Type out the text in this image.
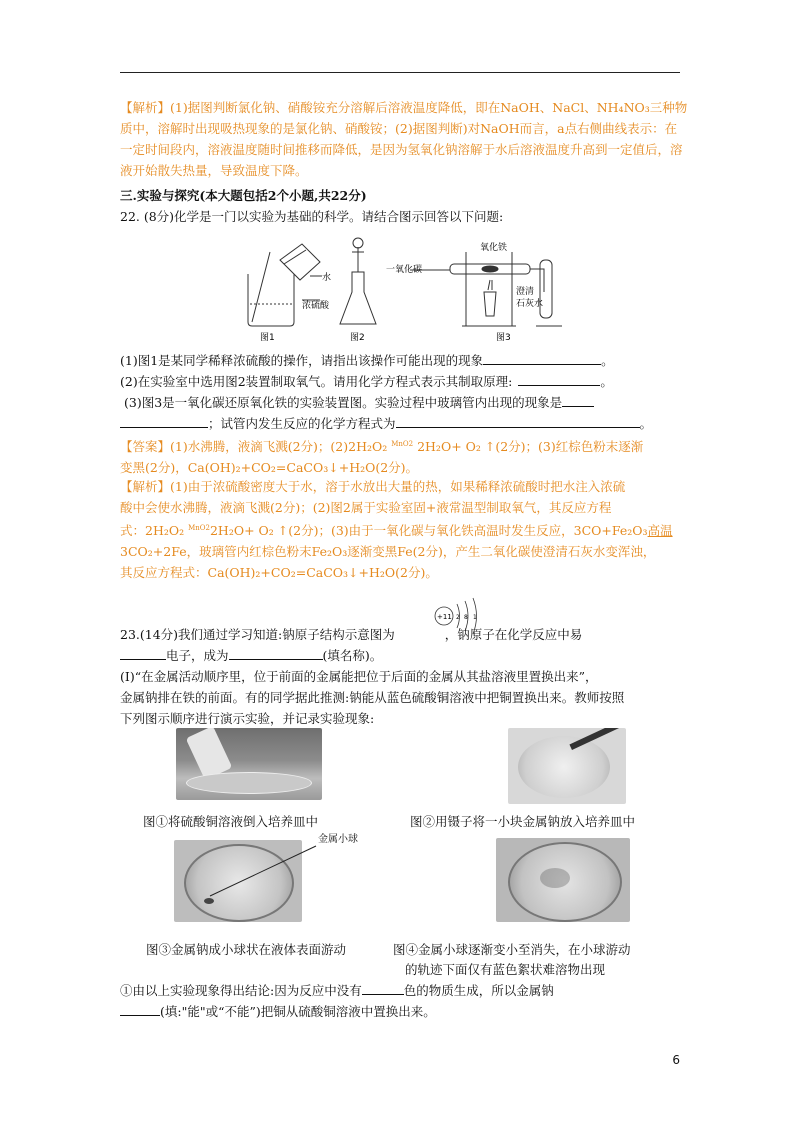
【解析】(1)据图判断氯化钠、硝酸铵充分溶解后溶液温度降低，即在NaOH、NaCl、NH₄NO₃三种物质中，溶解时出现吸热现象的是氯化钠、硝酸铵；(2)据图判断)对NaOH而言，a点右侧曲线表示：在一定时间段内，溶液温度随时间推移而降低，是因为氢氧化钠溶解于水后溶液温度升高到一定值后，溶液开始散失热量，导致温度下降。
三.实验与探究(本大题包括2个小题,共22分)
22. (8分)化学是一门以实验为基础的科学。请结合图示回答以下问题:
水
浓硫酸
一氧化碳
氧化铁
澄清
石灰水
图1	图2	图3
(1)图1是某同学稀释浓硫酸的操作，请指出该操作可能出现的现象	。
(2)在实验室中选用图2装置制取氧气。请用化学方程式表示其制取原理:	。
(3)图3是一氧化碳还原氧化铁的实验装置图。实验过程中玻璃管内出现的现象是
；试管内发生反应的化学方程式为	。
【答案】(1)水沸腾，液滴飞溅(2分)；(2)2H₂O₂ $^{MnO2}$ 2H₂O+ O₂ ↑(2分)；(3)红棕色粉末逐渐
变黑(2分)，Ca(OH)₂+CO₂=CaCO₃↓+H₂O(2分)。
【解析】(1)由于浓硫酸密度大于水，溶于水放出大量的热，如果稀释浓硫酸时把水注入浓硫
酸中会使水沸腾，液滴飞溅(2分)；(2)图2属于实验室固+液常温型制取氧气，其反应方程
式：2H₂O₂ $^{MnO2}$2H₂O+ O₂ ↑(2分)；(3)由于一氧化碳与氧化铁高温时发生反应，3CO+Fe₂O₃高温
3CO₂+2Fe，玻璃管内红棕色粉末Fe₂O₃逐渐变黑Fe(2分)，产生二氧化碳使澄清石灰水变浑浊，
其反应方程式：Ca(OH)₂+CO₂=CaCO₃↓+H₂O(2分)。
23.(14分)我们通过学习知道:钠原子结构示意图为	，钠原子在化学反应中易
+11 2 8 1
电子，成为	(填名称)。
(Ⅰ)“在金属活动顺序里，位于前面的金属能把位于后面的金属从其盐溶液里置换出来”，
金属钠排在铁的前面。有的同学据此推测:钠能从蓝色硫酸铜溶液中把铜置换出来。教师按照
下列图示顺序进行演示实验，并记录实验现象:
图①将硫酸铜溶液倒入培养皿中	图②用镊子将一小块金属钠放入培养皿中
金属小球
图③金属钠成小球状在液体表面游动	图④金属小球逐渐变小至消失，在小球游动
的轨迹下面仅有蓝色絮状难溶物出现
①由以上实验现象得出结论:因为反应中没有	色的物质生成，所以金属钠
(填:"能"或“不能”)把铜从硫酸铜溶液中置换出来。
6
